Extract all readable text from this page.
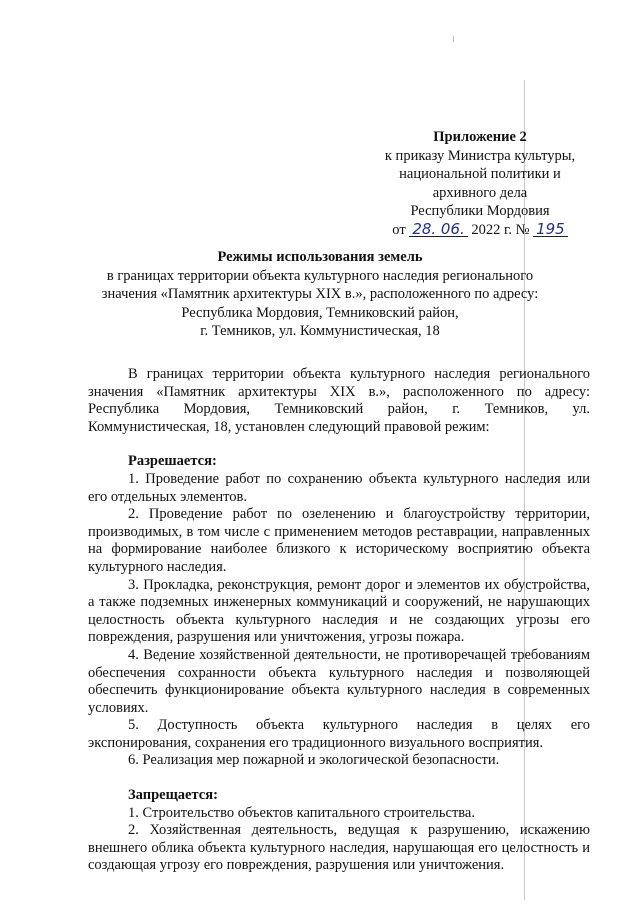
Приложение 2
к приказу Министра культуры,
национальной политики и
архивного дела
Республики Мордовия
от 28. 06. 2022 г. № 195
Режимы использования земель
в границах территории объекта культурного наследия регионального
значения «Памятник архитектуры XIX в.», расположенного по адресу:
Республика Мордовия, Темниковский район,
г. Темников, ул. Коммунистическая, 18

В границах территории объекта культурного наследия регионального значения «Памятник архитектуры XIX в.», расположенного по адресу: Республика Мордовия, Темниковский район, г. Темников, ул. Коммунистическая, 18, установлен следующий правовой режим:

Разрешается:

1. Проведение работ по сохранению объекта культурного наследия или его отдельных элементов.

2. Проведение работ по озеленению и благоустройству территории, производимых, в том числе с применением методов реставрации, направленных на формирование наиболее близкого к историческому восприятию объекта культурного наследия.

3. Прокладка, реконструкция, ремонт дорог и элементов их обустройства, а также подземных инженерных коммуникаций и сооружений, не нарушающих целостность объекта культурного наследия и не создающих угрозы его повреждения, разрушения или уничтожения, угрозы пожара.

4. Ведение хозяйственной деятельности, не противоречащей требованиям обеспечения сохранности объекта культурного наследия и позволяющей обеспечить функционирование объекта культурного наследия в современных условиях.

5. Доступность объекта культурного наследия в целях его экспонирования, сохранения его традиционного визуального восприятия.

6. Реализация мер пожарной и экологической безопасности.

Запрещается:

1. Строительство объектов капитального строительства.

2. Хозяйственная деятельность, ведущая к разрушению, искажению внешнего облика объекта культурного наследия, нарушающая его целостность и создающая угрозу его повреждения, разрушения или уничтожения.
